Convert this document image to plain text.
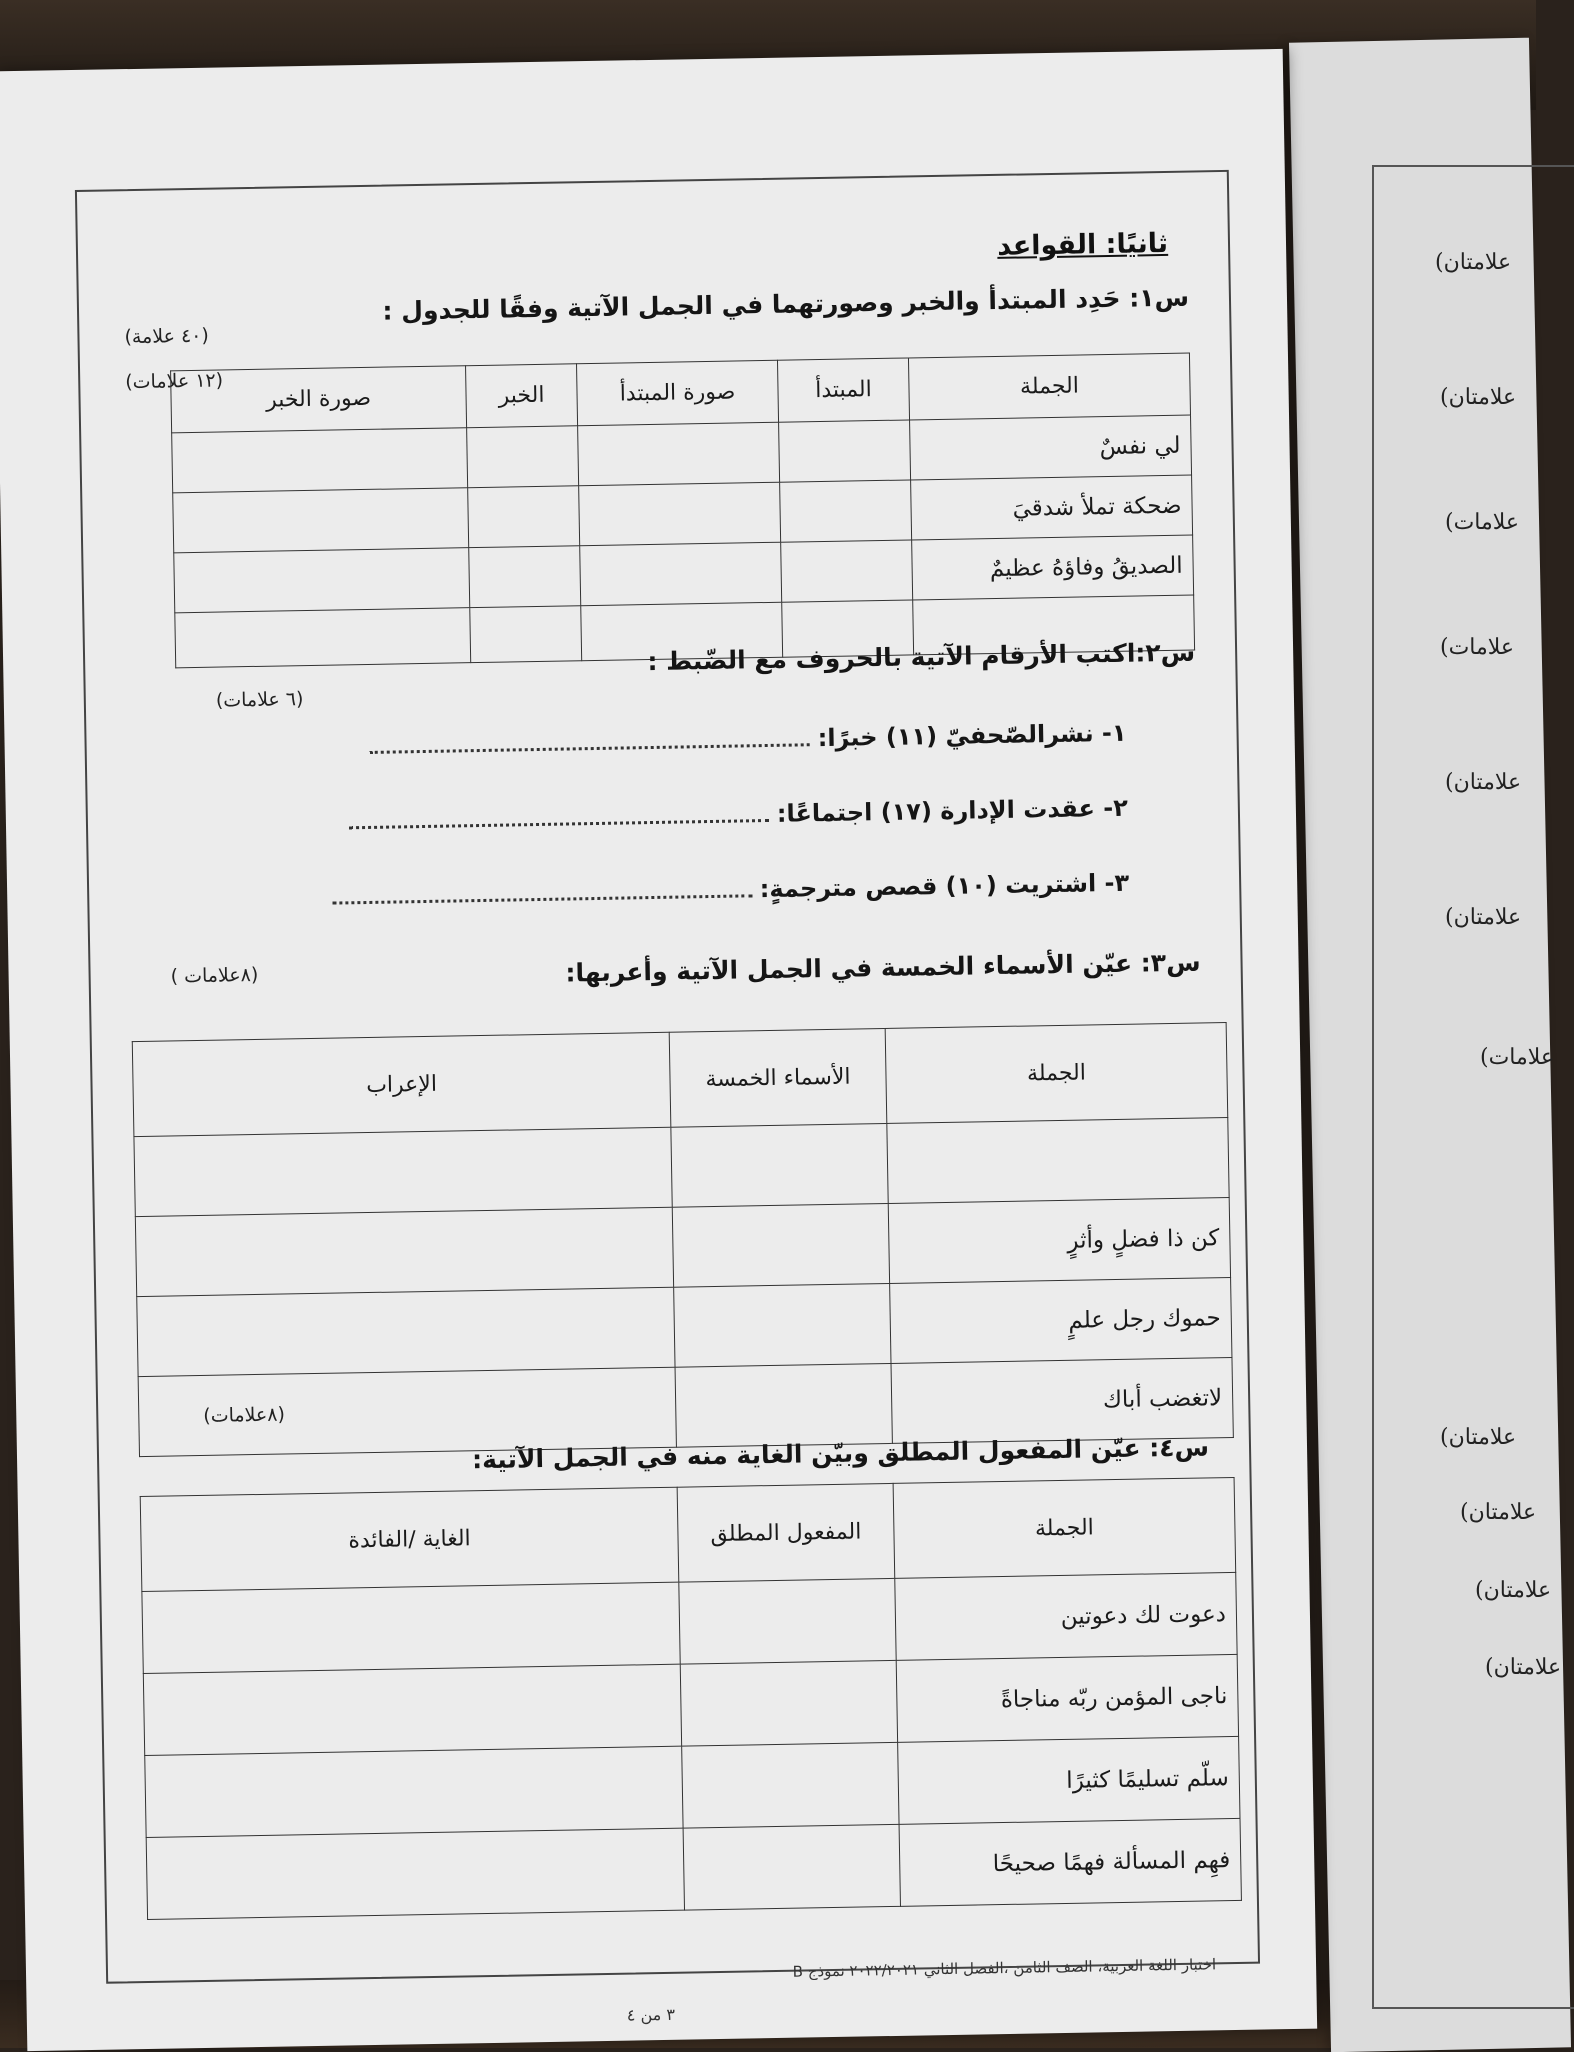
علامتان)
علامتان)
علامات)
علامات)
علامتان)
علامتان)
علامات)
علامتان)
علامتان)
علامتان)
علامتان)
ثانيًا: القواعد
س١: حَدِد المبتدأ والخبر وصورتهما في الجمل الآتية وفقًا للجدول :
(٤٠ علامة)
(١٢ علامات)	الجملة	المبتدأ	صورة المبتدأ	الخبر	صورة الخبر
لي نفسٌ				
ضحكة تملأ شدقيَ				
الصديقُ وفاؤهُ عظيمٌ				

س٢:اكتب الأرقام الآتية بالحروف مع الضّبط :
(٦ علامات)
١- نشرالصّحفيّ (١١) خبرًا:
٢- عقدت الإدارة (١٧) اجتماعًا:
٣- اشتريت (١٠) قصص مترجمةٍ:
س٣: عيّن الأسماء الخمسة في الجمل الآتية وأعربها:
(٨علامات )
الجملة	الأسماء الخمسة	الإعراب

كن ذا فضلٍ وأثرٍ		
حموك رجل علمٍ		
لاتغضب أباك		
(٨علامات)
س٤: عيّن المفعول المطلق وبيّن الغاية منه في الجمل الآتية:
الجملة	المفعول المطلق	الغاية /الفائدة
دعوت لك دعوتين		
ناجى المؤمن ربّه مناجاةً		
سلّم تسليمًا كثيرًا		
فهِم المسألة فهمًا صحيحًا		
اختبار اللغة العربية، الصف الثامن ،الفصل الثاني ٢٠٢٢/٢٠٢١ نموذج B
٣ من ٤
